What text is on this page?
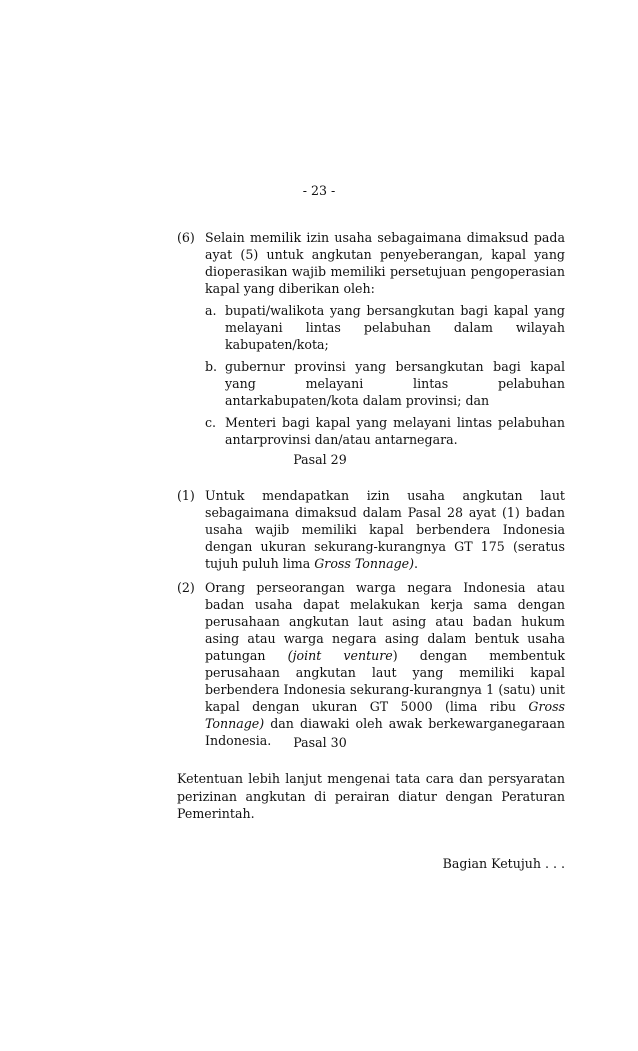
- 23 -
(6) Selain memilik izin usaha sebagaimana dimaksud pada ayat (5) untuk angkutan penyeberangan, kapal yang dioperasikan wajib memiliki persetujuan pengoperasian kapal yang diberikan oleh:
a. bupati/walikota yang bersangkutan bagi kapal yang melayani lintas pelabuhan dalam wilayah kabupaten/kota;
b. gubernur provinsi yang bersangkutan bagi kapal yang melayani lintas pelabuhan antarkabupaten/kota dalam provinsi; dan
c. Menteri bagi kapal yang melayani lintas pelabuhan antarprovinsi dan/atau antarnegara.
Pasal 29
(1) Untuk mendapatkan izin usaha angkutan laut sebagaimana dimaksud dalam Pasal 28 ayat (1) badan usaha wajib memiliki kapal berbendera Indonesia dengan ukuran sekurang-kurangnya GT 175 (seratus tujuh puluh lima Gross Tonnage).
(2) Orang perseorangan warga negara Indonesia atau badan usaha dapat melakukan kerja sama dengan perusahaan angkutan laut asing atau badan hukum asing atau warga negara asing dalam bentuk usaha patungan (joint venture) dengan membentuk perusahaan angkutan laut yang memiliki kapal berbendera Indonesia sekurang-kurangnya 1 (satu) unit kapal dengan ukuran GT 5000 (lima ribu Gross Tonnage) dan diawaki oleh awak berkewarganegaraan Indonesia.	Pasal 30
Ketentuan lebih lanjut mengenai tata cara dan persyaratan perizinan angkutan di perairan diatur dengan Peraturan Pemerintah.
Bagian Ketujuh . . .
